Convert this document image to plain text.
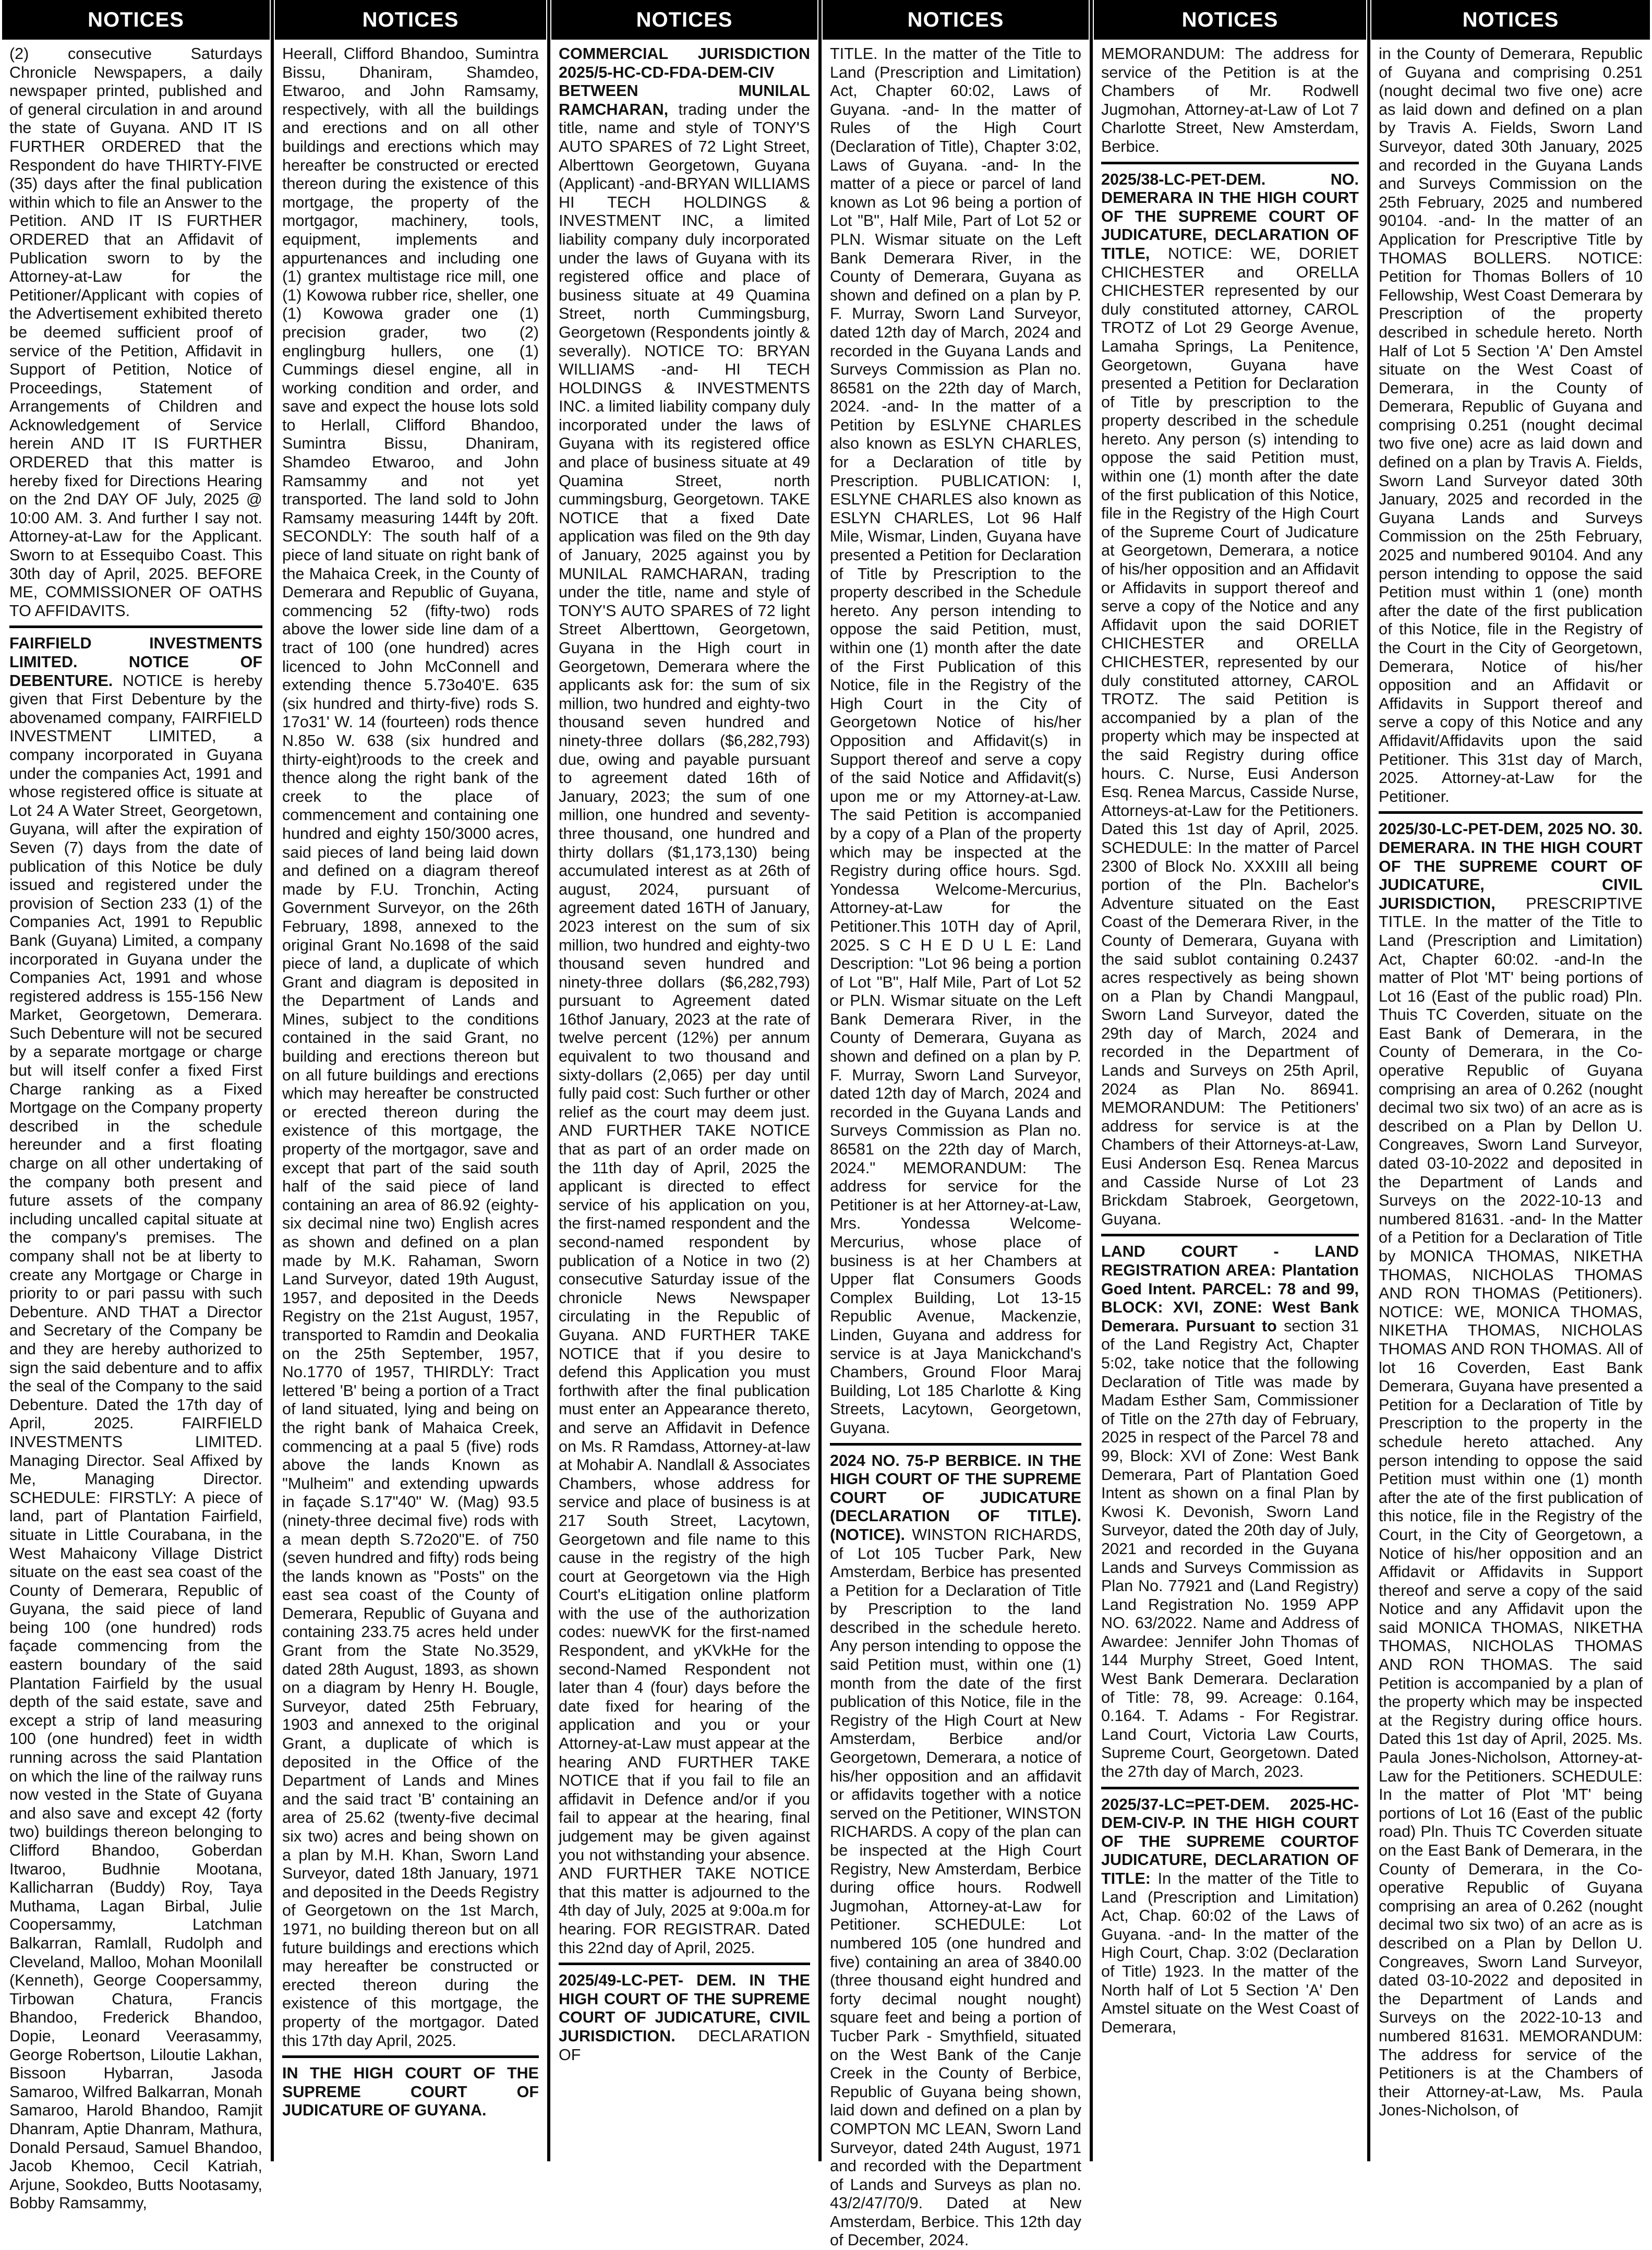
NOTICES

(2) consecutive Saturdays Chronicle Newspapers, a daily newspaper printed, published and of general circulation in and around the state of Guyana. AND IT IS FURTHER ORDERED that the Respondent do have THIRTY-FIVE (35) days after the final publication within which to file an Answer to the Petition. AND IT IS FURTHER ORDERED that an Affidavit of Publication sworn to by the Attorney-at-Law for the Petitioner/Applicant with copies of the Advertisement exhibited thereto be deemed sufficient proof of service of the Petition, Affidavit in Support of Petition, Notice of Proceedings, Statement of Arrangements of Children and Acknowledgement of Service herein AND IT IS FURTHER ORDERED that this matter is hereby fixed for Directions Hearing on the 2nd DAY OF July, 2025 @ 10:00 AM. 3. And further I say not. Attorney-at-Law for the Applicant. Sworn to at Essequibo Coast. This 30th day of April, 2025. BEFORE ME, COMMISSIONER OF OATHS TO AFFIDAVITS.

FAIRFIELD INVESTMENTS LIMITED. NOTICE OF DEBENTURE. NOTICE is hereby given that First Debenture by the abovenamed company, FAIRFIELD INVESTMENT LIMITED, a company incorporated in Guyana under the companies Act, 1991 and whose registered office is situate at Lot 24 A Water Street, Georgetown, Guyana, will after the expiration of Seven (7) days from the date of publication of this Notice be duly issued and registered under the provision of Section 233 (1) of the Companies Act, 1991 to Republic Bank (Guyana) Limited, a company incorporated in Guyana under the Companies Act, 1991 and whose registered address is 155-156 New Market, Georgetown, Demerara. Such Debenture will not be secured by a separate mortgage or charge but will itself confer a fixed First Charge ranking as a Fixed Mortgage on the Company property described in the schedule hereunder and a first floating charge on all other undertaking of the company both present and future assets of the company including uncalled capital situate at the company's premises. The company shall not be at liberty to create any Mortgage or Charge in priority to or pari passu with such Debenture. AND THAT a Director and Secretary of the Company be and they are hereby authorized to sign the said debenture and to affix the seal of the Company to the said Debenture. Dated the 17th day of April, 2025. FAIRFIELD INVESTMENTS LIMITED. Managing Director. Seal Affixed by Me, Managing Director. SCHEDULE: FIRSTLY: A piece of land, part of Plantation Fairfield, situate in Little Courabana, in the West Mahaicony Village District situate on the east sea coast of the County of Demerara, Republic of Guyana, the said piece of land being 100 (one hundred) rods façade commencing from the eastern boundary of the said Plantation Fairfield by the usual depth of the said estate, save and except a strip of land measuring 100 (one hundred) feet in width running across the said Plantation on which the line of the railway runs now vested in the State of Guyana and also save and except 42 (forty two) buildings thereon belonging to Clifford Bhandoo, Goberdan Itwaroo, Budhnie Mootana, Kallicharran (Buddy) Roy, Taya Muthama, Lagan Birbal, Julie Coopersammy, Latchman Balkarran, Ramlall, Rudolph and Cleveland, Malloo, Mohan Moonilall (Kenneth), George Coopersammy, Tirbowan Chatura, Francis Bhandoo, Frederick Bhandoo, Dopie, Leonard Veerasammy, George Robertson, Liloutie Lakhan, Bissoon Hybarran, Jasoda Samaroo, Wilfred Balkarran, Monah Samaroo, Harold Bhandoo, Ramjit Dhanram, Aptie Dhanram, Mathura, Donald Persaud, Samuel Bhandoo, Jacob Khemoo, Cecil Katriah, Arjune, Sookdeo, Butts Nootasamy, Bobby Ramsammy,

NOTICES

Heerall, Clifford Bhandoo, Sumintra Bissu, Dhaniram, Shamdeo, Etwaroo, and John Ramsamy, respectively, with all the buildings and erections and on all other buildings and erections which may hereafter be constructed or erected thereon during the existence of this mortgage, the property of the mortgagor, machinery, tools, equipment, implements and appurtenances and including one (1) grantex multistage rice mill, one (1) Kowowa rubber rice, sheller, one (1) Kowowa grader one (1) precision grader, two (2) englingburg hullers, one (1) Cummings diesel engine, all in working condition and order, and save and expect the house lots sold to Herlall, Clifford Bhandoo, Sumintra Bissu, Dhaniram, Shamdeo Etwaroo, and John Ramsammy and not yet transported. The land sold to John Ramsamy measuring 144ft by 20ft. SECONDLY: The south half of a piece of land situate on right bank of the Mahaica Creek, in the County of Demerara and Republic of Guyana, commencing 52 (fifty-two) rods above the lower side line dam of a tract of 100 (one hundred) acres licenced to John McConnell and extending thence 5.73o40'E. 635 (six hundred and thirty-five) rods S. 17o31' W. 14 (fourteen) rods thence N.85o W. 638 (six hundred and thirty-eight)roods to the creek and thence along the right bank of the creek to the place of commencement and containing one hundred and eighty 150/3000 acres, said pieces of land being laid down and defined on a diagram thereof made by F.U. Tronchin, Acting Government Surveyor, on the 26th February, 1898, annexed to the original Grant No.1698 of the said piece of land, a duplicate of which Grant and diagram is deposited in the Department of Lands and Mines, subject to the conditions contained in the said Grant, no building and erections thereon but on all future buildings and erections which may hereafter be constructed or erected thereon during the existence of this mortgage, the property of the mortgagor, save and except that part of the said south half of the said piece of land containing an area of 86.92 (eighty-six decimal nine two) English acres as shown and defined on a plan made by M.K. Rahaman, Sworn Land Surveyor, dated 19th August, 1957, and deposited in the Deeds Registry on the 21st August, 1957, transported to Ramdin and Deokalia on the 25th September, 1957, No.1770 of 1957, THIRDLY: Tract lettered 'B' being a portion of a Tract of land situated, lying and being on the right bank of Mahaica Creek, commencing at a paal 5 (five) rods above the lands Known as "Mulheim" and extending upwards in façade S.17"40" W. (Mag) 93.5 (ninety-three decimal five) rods with a mean depth S.72o20"E. of 750 (seven hundred and fifty) rods being the lands known as "Posts" on the east sea coast of the County of Demerara, Republic of Guyana and containing 233.75 acres held under Grant from the State No.3529, dated 28th August, 1893, as shown on a diagram by Henry H. Bougle, Surveyor, dated 25th February, 1903 and annexed to the original Grant, a duplicate of which is deposited in the Office of the Department of Lands and Mines and the said tract 'B' containing an area of 25.62 (twenty-five decimal six two) acres and being shown on a plan by M.H. Khan, Sworn Land Surveyor, dated 18th January, 1971 and deposited in the Deeds Registry of Georgetown on the 1st March, 1971, no building thereon but on all future buildings and erections which may hereafter be constructed or erected thereon during the existence of this mortgage, the property of the mortgagor. Dated this 17th day April, 2025.

IN THE HIGH COURT OF THE SUPREME COURT OF JUDICATURE OF GUYANA.

NOTICES

COMMERCIAL JURISDICTION 2025/5-HC-CD-FDA-DEM-CIV BETWEEN MUNILAL RAMCHARAN, trading under the title, name and style of TONY'S AUTO SPARES of 72 Light Street, Alberttown Georgetown, Guyana (Applicant) -and-BRYAN WILLIAMS HI TECH HOLDINGS & INVESTMENT INC, a limited liability company duly incorporated under the laws of Guyana with its registered office and place of business situate at 49 Quamina Street, north Cummingsburg, Georgetown (Respondents jointly & severally). NOTICE TO: BRYAN WILLIAMS -and- HI TECH HOLDINGS & INVESTMENTS INC. a limited liability company duly incorporated under the laws of Guyana with its registered office and place of business situate at 49 Quamina Street, north cummingsburg, Georgetown. TAKE NOTICE that a fixed Date application was filed on the 9th day of January, 2025 against you by MUNILAL RAMCHARAN, trading under the title, name and style of TONY'S AUTO SPARES of 72 light Street Alberttown, Georgetown, Guyana in the High court in Georgetown, Demerara where the applicants ask for: the sum of six million, two hundred and eighty-two thousand seven hundred and ninety-three dollars ($6,282,793) due, owing and payable pursuant to agreement dated 16th of January, 2023; the sum of one million, one hundred and seventy-three thousand, one hundred and thirty dollars ($1,173,130) being accumulated interest as at 26th of august, 2024, pursuant of agreement dated 16TH of January, 2023 interest on the sum of six million, two hundred and eighty-two thousand seven hundred and ninety-three dollars ($6,282,793) pursuant to Agreement dated 16thof January, 2023 at the rate of twelve percent (12%) per annum equivalent to two thousand and sixty-dollars (2,065) per day until fully paid cost: Such further or other relief as the court may deem just. AND FURTHER TAKE NOTICE that as part of an order made on the 11th day of April, 2025 the applicant is directed to effect service of his application on you, the first-named respondent and the second-named respondent by publication of a Notice in two (2) consecutive Saturday issue of the chronicle News Newspaper circulating in the Republic of Guyana. AND FURTHER TAKE NOTICE that if you desire to defend this Application you must forthwith after the final publication must enter an Appearance thereto, and serve an Affidavit in Defence on Ms. R Ramdass, Attorney-at-law at Mohabir A. Nandlall & Associates Chambers, whose address for service and place of business is at 217 South Street, Lacytown, Georgetown and file name to this cause in the registry of the high court at Georgetown via the High Court's eLitigation online platform with the use of the authorization codes: nuewVK for the first-named Respondent, and yKVkHe for the second-Named Respondent not later than 4 (four) days before the date fixed for hearing of the application and you or your Attorney-at-Law must appear at the hearing AND FURTHER TAKE NOTICE that if you fail to file an affidavit in Defence and/or if you fail to appear at the hearing, final judgement may be given against you not withstanding your absence. AND FURTHER TAKE NOTICE that this matter is adjourned to the 4th day of July, 2025 at 9:00a.m for hearing. FOR REGISTRAR. Dated this 22nd day of April, 2025.

2025/49-LC-PET- DEM. IN THE HIGH COURT OF THE SUPREME COURT OF JUDICATURE, CIVIL JURISDICTION. DECLARATION OF

NOTICES

TITLE. In the matter of the Title to Land (Prescription and Limitation) Act, Chapter 60:02, Laws of Guyana. -and- In the matter of Rules of the High Court (Declaration of Title), Chapter 3:02, Laws of Guyana. -and- In the matter of a piece or parcel of land known as Lot 96 being a portion of Lot "B", Half Mile, Part of Lot 52 or PLN. Wismar situate on the Left Bank Demerara River, in the County of Demerara, Guyana as shown and defined on a plan by P. F. Murray, Sworn Land Surveyor, dated 12th day of March, 2024 and recorded in the Guyana Lands and Surveys Commission as Plan no. 86581 on the 22th day of March, 2024. -and- In the matter of a Petition by ESLYNE CHARLES also known as ESLYN CHARLES, for a Declaration of title by Prescription. PUBLICATION: I, ESLYNE CHARLES also known as ESLYN CHARLES, Lot 96 Half Mile, Wismar, Linden, Guyana have presented a Petition for Declaration of Title by Prescription to the property described in the Schedule hereto. Any person intending to oppose the said Petition, must, within one (1) month after the date of the First Publication of this Notice, file in the Registry of the High Court in the City of Georgetown Notice of his/her Opposition and Affidavit(s) in Support thereof and serve a copy of the said Notice and Affidavit(s) upon me or my Attorney-at-Law. The said Petition is accompanied by a copy of a Plan of the property which may be inspected at the Registry during office hours. Sgd. Yondessa Welcome-Mercurius, Attorney-at-Law for the Petitioner.This 10TH day of April, 2025. S C H E D U L E: Land Description: "Lot 96 being a portion of Lot "B", Half Mile, Part of Lot 52 or PLN. Wismar situate on the Left Bank Demerara River, in the County of Demerara, Guyana as shown and defined on a plan by P. F. Murray, Sworn Land Surveyor, dated 12th day of March, 2024 and recorded in the Guyana Lands and Surveys Commission as Plan no. 86581 on the 22th day of March, 2024." MEMORANDUM: The address for service for the Petitioner is at her Attorney-at-Law, Mrs. Yondessa Welcome-Mercurius, whose place of business is at her Chambers at Upper flat Consumers Goods Complex Building, Lot 13-15 Republic Avenue, Mackenzie, Linden, Guyana and address for service is at Jaya Manickchand's Chambers, Ground Floor Maraj Building, Lot 185 Charlotte & King Streets, Lacytown, Georgetown, Guyana.

2024 NO. 75-P BERBICE. IN THE HIGH COURT OF THE SUPREME COURT OF JUDICATURE (DECLARATION OF TITLE). (NOTICE). WINSTON RICHARDS, of Lot 105 Tucber Park, New Amsterdam, Berbice has presented a Petition for a Declaration of Title by Prescription to the land described in the schedule hereto. Any person intending to oppose the said Petition must, within one (1) month from the date of the first publication of this Notice, file in the Registry of the High Court at New Amsterdam, Berbice and/or Georgetown, Demerara, a notice of his/her opposition and an affidavit or affidavits together with a notice served on the Petitioner, WINSTON RICHARDS. A copy of the plan can be inspected at the High Court Registry, New Amsterdam, Berbice during office hours. Rodwell Jugmohan, Attorney-at-Law for Petitioner. SCHEDULE: Lot numbered 105 (one hundred and five) containing an area of 3840.00 (three thousand eight hundred and forty decimal nought nought) square feet and being a portion of Tucber Park - Smythfield, situated on the West Bank of the Canje Creek in the County of Berbice, Republic of Guyana being shown, laid down and defined on a plan by COMPTON MC LEAN, Sworn Land Surveyor, dated 24th August, 1971 and recorded with the Department of Lands and Surveys as plan no. 43/2/47/70/9. Dated at New Amsterdam, Berbice. This 12th day of December, 2024.

NOTICES

MEMORANDUM: The address for service of the Petition is at the Chambers of Mr. Rodwell Jugmohan, Attorney-at-Law of Lot 7 Charlotte Street, New Amsterdam, Berbice.

2025/38-LC-PET-DEM. NO. DEMERARA IN THE HIGH COURT OF THE SUPREME COURT OF JUDICATURE, DECLARATION OF TITLE, NOTICE: WE, DORIET CHICHESTER and ORELLA CHICHESTER represented by our duly constituted attorney, CAROL TROTZ of Lot 29 George Avenue, Lamaha Springs, La Penitence, Georgetown, Guyana have presented a Petition for Declaration of Title by prescription to the property described in the schedule hereto. Any person (s) intending to oppose the said Petition must, within one (1) month after the date of the first publication of this Notice, file in the Registry of the High Court of the Supreme Court of Judicature at Georgetown, Demerara, a notice of his/her opposition and an Affidavit or Affidavits in support thereof and serve a copy of the Notice and any Affidavit upon the said DORIET CHICHESTER and ORELLA CHICHESTER, represented by our duly constituted attorney, CAROL TROTZ. The said Petition is accompanied by a plan of the property which may be inspected at the said Registry during office hours. C. Nurse, Eusi Anderson Esq. Renea Marcus, Casside Nurse, Attorneys-at-Law for the Petitioners. Dated this 1st day of April, 2025. SCHEDULE: In the matter of Parcel 2300 of Block No. XXXIII all being portion of the Pln. Bachelor's Adventure situated on the East Coast of the Demerara River, in the County of Demerara, Guyana with the said sublot containing 0.2437 acres respectively as being shown on a Plan by Chandi Mangpaul, Sworn Land Surveyor, dated the 29th day of March, 2024 and recorded in the Department of Lands and Surveys on 25th April, 2024 as Plan No. 86941. MEMORANDUM: The Petitioners' address for service is at the Chambers of their Attorneys-at-Law, Eusi Anderson Esq. Renea Marcus and Casside Nurse of Lot 23 Brickdam Stabroek, Georgetown, Guyana.

LAND COURT - LAND REGISTRATION AREA: Plantation Goed Intent. PARCEL: 78 and 99, BLOCK: XVI, ZONE: West Bank Demerara. Pursuant to section 31 of the Land Registry Act, Chapter 5:02, take notice that the following Declaration of Title was made by Madam Esther Sam, Commissioner of Title on the 27th day of February, 2025 in respect of the Parcel 78 and 99, Block: XVI of Zone: West Bank Demerara, Part of Plantation Goed Intent as shown on a final Plan by Kwosi K. Devonish, Sworn Land Surveyor, dated the 20th day of July, 2021 and recorded in the Guyana Lands and Surveys Commission as Plan No. 77921 and (Land Registry) Land Registration No. 1959 APP NO. 63/2022. Name and Address of Awardee: Jennifer John Thomas of 144 Murphy Street, Goed Intent, West Bank Demerara. Declaration of Title: 78, 99. Acreage: 0.164, 0.164. T. Adams - For Registrar. Land Court, Victoria Law Courts, Supreme Court, Georgetown. Dated the 27th day of March, 2023.

2025/37-LC=PET-DEM. 2025-HC-DEM-CIV-P. IN THE HIGH COURT OF THE SUPREME COURTOF JUDICATURE, DECLARATION OF TITLE: In the matter of the Title to Land (Prescription and Limitation) Act, Chap. 60:02 of the Laws of Guyana. -and- In the matter of the High Court, Chap. 3:02 (Declaration of Title) 1923. In the matter of the North half of Lot 5 Section 'A' Den Amstel situate on the West Coast of Demerara,

NOTICES

in the County of Demerara, Republic of Guyana and comprising 0.251 (nought decimal two five one) acre as laid down and defined on a plan by Travis A. Fields, Sworn Land Surveyor, dated 30th January, 2025 and recorded in the Guyana Lands and Surveys Commission on the 25th February, 2025 and numbered 90104. -and- In the matter of an Application for Prescriptive Title by THOMAS BOLLERS. NOTICE: Petition for Thomas Bollers of 10 Fellowship, West Coast Demerara by Prescription of the property described in schedule hereto. North Half of Lot 5 Section 'A' Den Amstel situate on the West Coast of Demerara, in the County of Demerara, Republic of Guyana and comprising 0.251 (nought decimal two five one) acre as laid down and defined on a plan by Travis A. Fields, Sworn Land Surveyor dated 30th January, 2025 and recorded in the Guyana Lands and Surveys Commission on the 25th February, 2025 and numbered 90104. And any person intending to oppose the said Petition must within 1 (one) month after the date of the first publication of this Notice, file in the Registry of the Court in the City of Georgetown, Demerara, Notice of his/her opposition and an Affidavit or Affidavits in Support thereof and serve a copy of this Notice and any Affidavit/Affidavits upon the said Petitioner. This 31st day of March, 2025. Attorney-at-Law for the Petitioner.

2025/30-LC-PET-DEM, 2025 NO. 30. DEMERARA. IN THE HIGH COURT OF THE SUPREME COURT OF JUDICATURE, CIVIL JURISDICTION, PRESCRIPTIVE TITLE. In the matter of the Title to Land (Prescription and Limitation) Act, Chapter 60:02. -and-In the matter of Plot 'MT' being portions of Lot 16 (East of the public road) Pln. Thuis TC Coverden, situate on the East Bank of Demerara, in the County of Demerara, in the Co-operative Republic of Guyana comprising an area of 0.262 (nought decimal two six two) of an acre as is described on a Plan by Dellon U. Congreaves, Sworn Land Surveyor, dated 03-10-2022 and deposited in the Department of Lands and Surveys on the 2022-10-13 and numbered 81631. -and- In the Matter of a Petition for a Declaration of Title by MONICA THOMAS, NIKETHA THOMAS, NICHOLAS THOMAS AND RON THOMAS (Petitioners). NOTICE: WE, MONICA THOMAS, NIKETHA THOMAS, NICHOLAS THOMAS AND RON THOMAS. All of lot 16 Coverden, East Bank Demerara, Guyana have presented a Petition for a Declaration of Title by Prescription to the property in the schedule hereto attached. Any person intending to oppose the said Petition must within one (1) month after the ate of the first publication of this notice, file in the Registry of the Court, in the City of Georgetown, a Notice of his/her opposition and an Affidavit or Affidavits in Support thereof and serve a copy of the said Notice and any Affidavit upon the said MONICA THOMAS, NIKETHA THOMAS, NICHOLAS THOMAS AND RON THOMAS. The said Petition is accompanied by a plan of the property which may be inspected at the Registry during office hours. Dated this 1st day of April, 2025. Ms. Paula Jones-Nicholson, Attorney-at-Law for the Petitioners. SCHEDULE: In the matter of Plot 'MT' being portions of Lot 16 (East of the public road) Pln. Thuis TC Coverden situate on the East Bank of Demerara, in the County of Demerara, in the Co-operative Republic of Guyana comprising an area of 0.262 (nought decimal two six two) of an acre as is described on a Plan by Dellon U. Congreaves, Sworn Land Surveyor, dated 03-10-2022 and deposited in the Department of Lands and Surveys on the 2022-10-13 and numbered 81631. MEMORANDUM: The address for service of the Petitioners is at the Chambers of their Attorney-at-Law, Ms. Paula Jones-Nicholson, of
